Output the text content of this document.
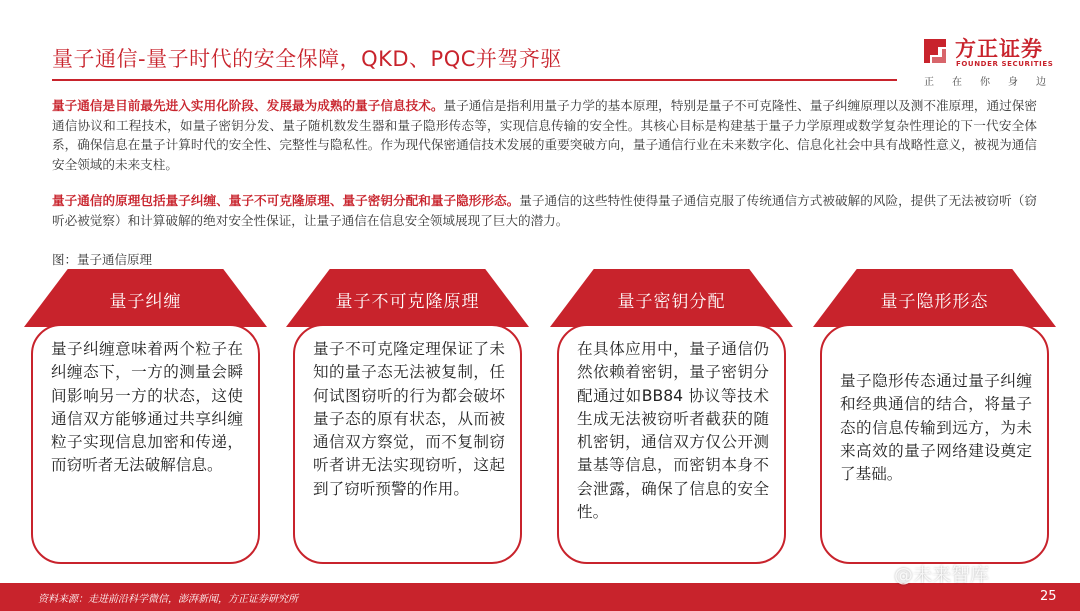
量子通信-量子时代的安全保障，QKD、PQC并驾齐驱	方正证券
FOUNDER SECURITIES
正 在 你 身 边
量子通信是目前最先进入实用化阶段、发展最为成熟的量子信息技术。量子通信是指利用量子力学的基本原理，特别是量子不可克隆性、量子纠缠原理以及测不准原理，通过保密通信协议和工程技术，如量子密钥分发、量子随机数发生器和量子隐形传态等，实现信息传输的安全性。其核心目标是构建基于量子力学原理或数学复杂性理论的下一代安全体系，确保信息在量子计算时代的安全性、完整性与隐私性。作为现代保密通信技术发展的重要突破方向，量子通信行业在未来数字化、信息化社会中具有战略性意义，被视为通信安全领域的未来支柱。
量子通信的原理包括量子纠缠、量子不可克隆原理、量子密钥分配和量子隐形形态。量子通信的这些特性使得量子通信克服了传统通信方式被破解的风险，提供了无法被窃听（窃听必被觉察）和计算破解的绝对安全性保证，让量子通信在信息安全领域展现了巨大的潜力。
图：量子通信原理
量子纠缠
量子纠缠意味着两个粒子在纠缠态下，一方的测量会瞬间影响另一方的状态，这使通信双方能够通过共享纠缠粒子实现信息加密和传递，而窃听者无法破解信息。
量子不可克隆原理
量子不可克隆定理保证了未知的量子态无法被复制，任何试图窃听的行为都会破坏量子态的原有状态，从而被通信双方察觉，而不复制窃听者讲无法实现窃听，这起到了窃听预警的作用。
量子密钥分配
在具体应用中，量子通信仍然依赖着密钥，量子密钥分配通过如BB84 协议等技术生成无法被窃听者截获的随机密钥，通信双方仅公开测量基等信息，而密钥本身不会泄露，确保了信息的安全性。
量子隐形形态
量子隐形传态通过量子纠缠和经典通信的结合，将量子态的信息传输到远方，为未来高效的量子网络建设奠定了基础。
资料来源：走进前沿科学微信，澎湃新闻，方正证券研究所
@未来智库
25
